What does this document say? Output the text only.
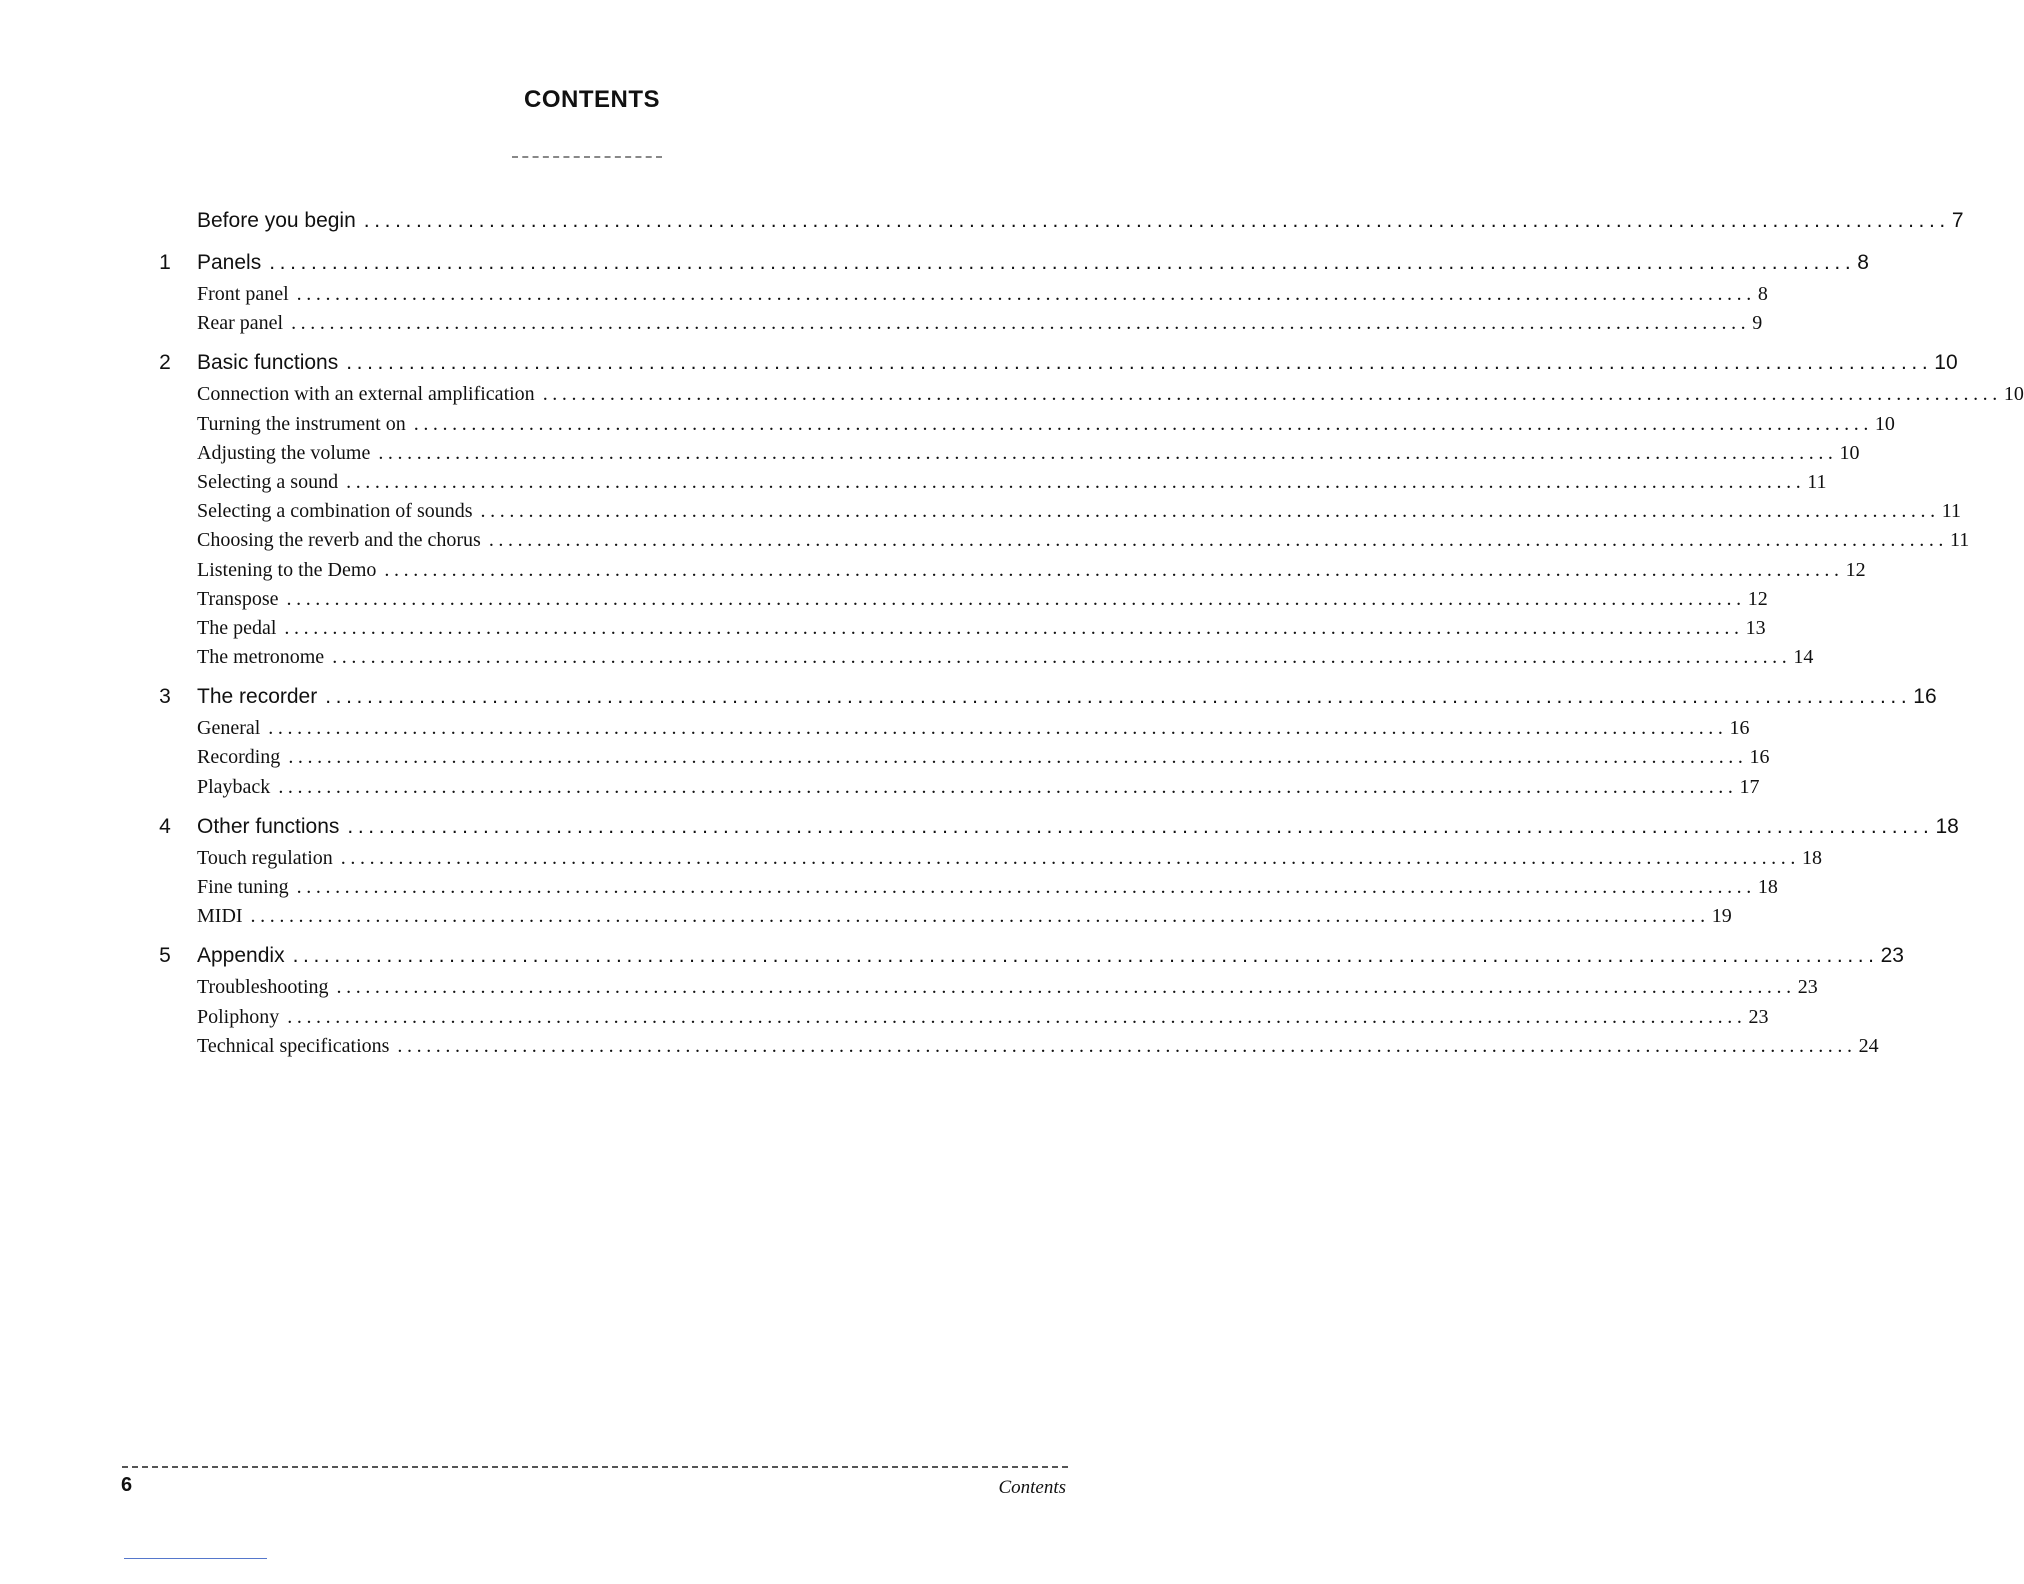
CONTENTS
Before you begin ........................................................................................................................................................ 7
1 Panels ........................................................................................................................................................ 8
Front panel ........................................................................................................................................................ 8
Rear panel ........................................................................................................................................................ 9
2 Basic functions ........................................................................................................................................................ 10
Connection with an external amplification ........................................................................................................................................................ 10
Turning the instrument on ........................................................................................................................................................ 10
Adjusting the volume ........................................................................................................................................................ 10
Selecting a sound ........................................................................................................................................................ 11
Selecting a combination of sounds ........................................................................................................................................................ 11
Choosing the reverb and the chorus ........................................................................................................................................................ 11
Listening to the Demo ........................................................................................................................................................ 12
Transpose ........................................................................................................................................................ 12
The pedal ........................................................................................................................................................ 13
The metronome ........................................................................................................................................................ 14
3 The recorder ........................................................................................................................................................ 16
General ........................................................................................................................................................ 16
Recording ........................................................................................................................................................ 16
Playback ........................................................................................................................................................ 17
4 Other functions ........................................................................................................................................................ 18
Touch regulation ........................................................................................................................................................ 18
Fine tuning ........................................................................................................................................................ 18
MIDI ........................................................................................................................................................ 19
5 Appendix ........................................................................................................................................................ 23
Troubleshooting ........................................................................................................................................................ 23
Poliphony ........................................................................................................................................................ 23
Technical specifications ........................................................................................................................................................ 24
6	Contents
